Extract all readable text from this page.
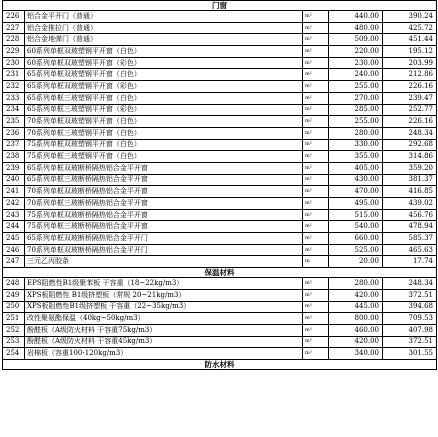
门窗				
226	铝合金平开门（普通）	m²	440.00	390.24
227	铝合金推拉门（普通）	m²	480.00	425.72
228	铝合金地弹门（普通）	m²	509.00	451.44
229	60系列单框双玻塑钢平开窗（白色）	m²	220.00	195.12
230	60系列单框双玻塑钢平开窗（彩色）	m²	230.00	203.99
231	65系列单框双玻塑钢平开窗（白色）	m²	240.00	212.86
232	65系列单框双玻塑钢平开窗（彩色）	m²	255.00	226.16
233	65系列单框三玻塑钢平开窗（白色）	m²	270.00	239.47
234	65系列单框三玻塑钢平开窗（彩色）	m²	285.00	252.77
235	70系列单框双玻塑钢平开窗（白色）	m²	255.00	226.16
236	70系列单框三玻塑钢平开窗（白色）	m²	280.00	248.34
237	75系列单框双玻塑钢平开窗（白色）	m²	330.00	292.68
238	75系列单框三玻塑钢平开窗（白色）	m²	355.00	314.86
239	65系列单框双玻断桥隔热铝合金平开窗	m²	405.00	359.20
240	65系列单框三玻断桥隔热铝合金平开窗	m²	430.00	381.37
241	70系列单框双玻断桥隔热铝合金平开窗	m²	470.00	416.85
242	70系列单框三玻断桥隔热铝合金平开窗	m²	495.00	439.02
243	75系列单框双玻断桥隔热铝合金平开窗	m²	515.00	456.76
244	75系列单框三玻断桥隔热铝合金平开窗	m²	540.00	478.94
245	65系列单框双玻断桥隔热铝合金平开门	m²	660.00	585.37
246	70系列单框双玻断桥隔热铝合金平开门	m²	525.00	465.63
247	三元乙丙胶条	m	20.00	17.74
保温材料				
248	EPS阻燃性B1级聚苯板 干容重（18~22kg/m3）	m³	280.00	248.34
249	XPS板阻燃性 B1级挤塑板（常规 20~21kg/m3）	m³	420.00	372.51
250	XPS板阻燃性B1级挤塑板 干容重（22~35kg/m3）	m³	445.00	394.68
251	改性聚氨酯保温（40kg~50kg/m3）	m³	800.00	709.53
252	酚醛板（A级防火材料 干容重75kg/m3）	m³	460.00	407.98
253	酚醛板（A级防火材料 干容重45kg/m3）	m³	420.00	372.51
254	岩棉板（容重100-120kg/m3）	m³	340.00	301.55
防水材料				
